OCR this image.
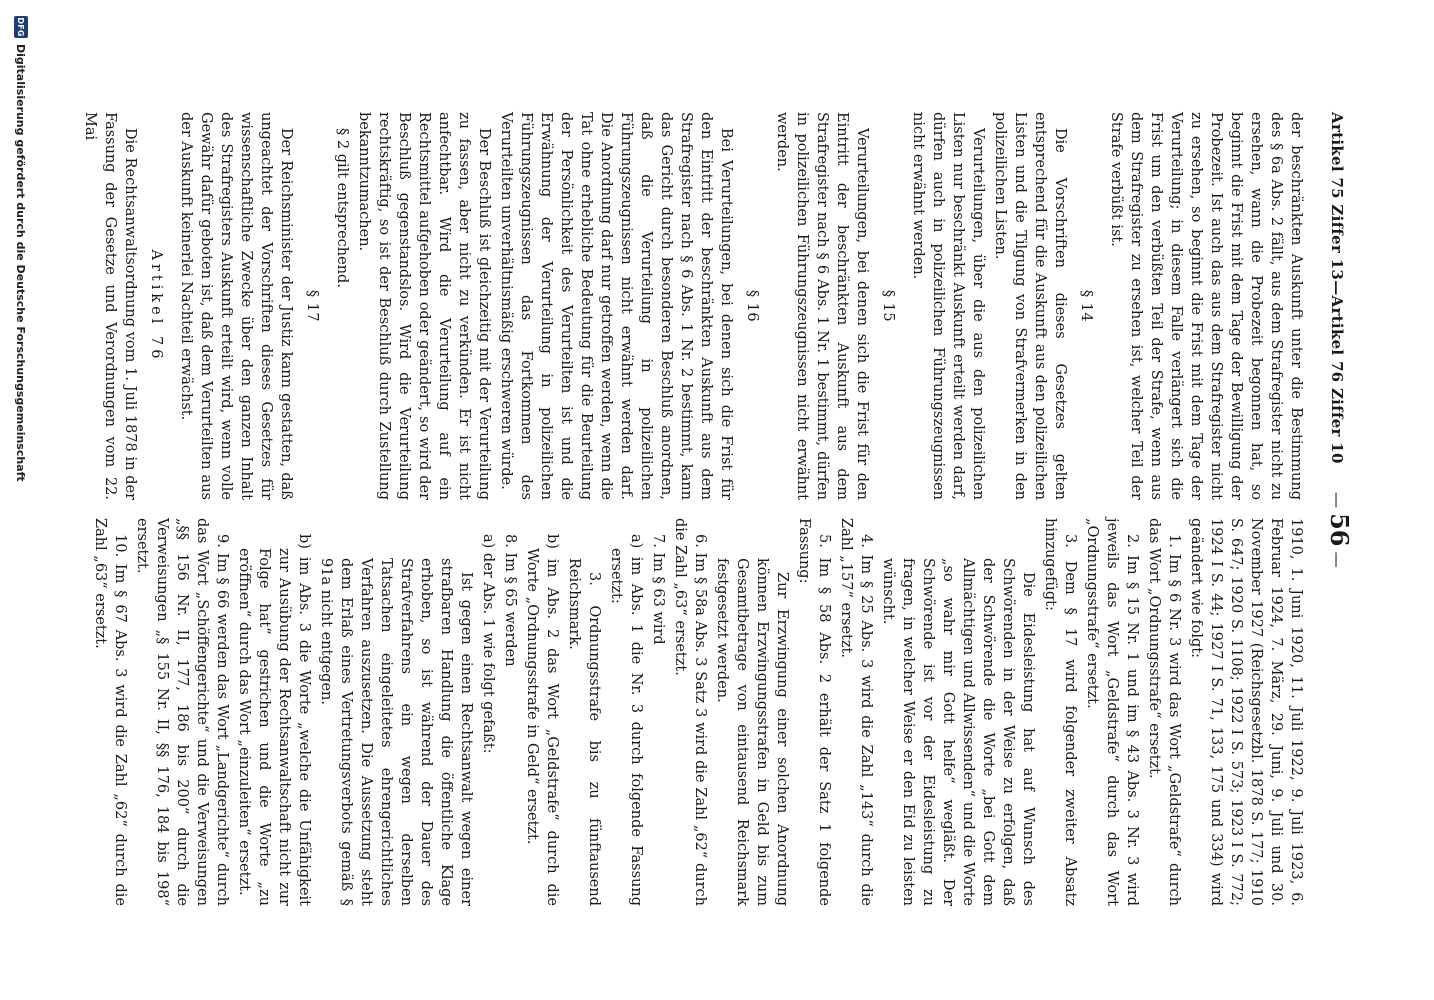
Artikel 75 Ziffer 13—Artikel 76 Ziffer 10
— 56 —

der beschränkten Auskunft unter die Bestimmung des § 6a Abs. 2 fällt, aus dem Strafregister nicht zu ersehen, wann die Probezeit begonnen hat, so beginnt die Frist mit dem Tage der Bewilligung der Probezeit. Ist auch das aus dem Strafregister nicht zu ersehen, so beginnt die Frist mit dem Tage der Verurteilung; in diesem Falle verlängert sich die Frist um den verbüßten Teil der Strafe, wenn aus dem Strafregister zu ersehen ist, welcher Teil der Strafe verbüßt ist.

§ 14

Die Vorschriften dieses Gesetzes gelten entsprechend für die Auskunft aus den polizeilichen Listen und die Tilgung von Strafvermerken in den polizeilichen Listen.

Verurteilungen, über die aus den polizeilichen Listen nur beschränkt Auskunft erteilt werden darf, dürfen auch in polizeilichen Führungszeugnissen nicht erwähnt werden.

§ 15

Verurteilungen, bei denen sich die Frist für den Eintritt der beschränkten Auskunft aus dem Strafregister nach § 6 Abs. 1 Nr. 1 bestimmt, dürfen in polizeilichen Führungszeugnissen nicht erwähnt werden.

§ 16

Bei Verurteilungen, bei denen sich die Frist für den Eintritt der beschränkten Auskunft aus dem Strafregister nach § 6 Abs. 1 Nr. 2 bestimmt, kann das Gericht durch besonderen Beschluß anordnen, daß die Verurteilung in polizeilichen Führungszeugnissen nicht erwähnt werden darf. Die Anordnung darf nur getroffen werden, wenn die Tat ohne erhebliche Bedeutung für die Beurteilung der Persönlichkeit des Verurteilten ist und die Erwähnung der Verurteilung in polizeilichen Führungszeugnissen das Fortkommen des Verurteilten unverhältnismäßig erschweren würde.

Der Beschluß ist gleichzeitig mit der Verurteilung zu fassen, aber nicht zu verkünden. Er ist nicht anfechtbar. Wird die Verurteilung auf ein Rechtsmittel aufgehoben oder geändert, so wird der Beschluß gegenstandslos. Wird die Verurteilung rechtskräftig, so ist der Beschluß durch Zustellung bekanntzumachen.

§ 2 gilt entsprechend.

§ 17

Der Reichsminister der Justiz kann gestatten, daß ungeachtet der Vorschriften dieses Gesetzes für wissenschaftliche Zwecke über den ganzen Inhalt des Strafregisters Auskunft erteilt wird, wenn volle Gewähr dafür geboten ist, daß dem Verurteilten aus der Auskunft keinerlei Nachteil erwächst.

Artikel 76

Die Rechtsanwaltsordnung vom 1. Juli 1878 in der Fassung der Gesetze und Verordnungen vom 22. Mai

1910, 1. Juni 1920, 11. Juli 1922, 9. Juli 1923, 6. Februar 1924, 7. März, 29. Juni, 9. Juli und 30. November 1927 (Reichsgesetzbl. 1878 S. 177; 1910 S. 647; 1920 S. 1108; 1922 I S. 573; 1923 I S. 772; 1924 I S. 44; 1927 I S. 71, 133, 175 und 334) wird geändert wie folgt:

1. Im § 6 Nr. 3 wird das Wort „Geldstrafe“ durch das Wort „Ordnungsstrafe“ ersetzt.

2. Im § 15 Nr. 1 und im § 43 Abs. 3 Nr. 3 wird jeweils das Wort „Geldstrafe“ durch das Wort „Ordnungsstrafe“ ersetzt.

3. Dem § 17 wird folgender zweiter Absatz hinzugefügt:

Die Eidesleistung hat auf Wunsch des Schwörenden in der Weise zu erfolgen, daß der Schwörende die Worte „bei Gott dem Allmächtigen und Allwissenden“ und die Worte „so wahr mir Gott helfe“ wegläßt. Der Schwörende ist vor der Eidesleistung zu fragen, in welcher Weise er den Eid zu leisten wünscht.

4. Im § 25 Abs. 3 wird die Zahl „143“ durch die Zahl „157“ ersetzt.

5. Im § 58 Abs. 2 erhält der Satz 1 folgende Fassung:

Zur Erzwingung einer solchen Anordnung können Erzwingungsstrafen in Geld bis zum Gesamtbetrage von eintausend Reichsmark festgesetzt werden.

6. Im § 58a Abs. 3 Satz 3 wird die Zahl „62“ durch die Zahl „63“ ersetzt.

7. Im § 63 wird

a) im Abs. 1 die Nr. 3 durch folgende Fassung ersetzt:

3. Ordnungsstrafe bis zu fünftausend Reichsmark.

b) im Abs. 2 das Wort „Geldstrafe“ durch die Worte „Ordnungsstrafe in Geld“ ersetzt.

8. Im § 65 werden

a) der Abs. 1 wie folgt gefaßt:

Ist gegen einen Rechtsanwalt wegen einer strafbaren Handlung die öffentliche Klage erhoben, so ist während der Dauer des Strafverfahrens ein wegen derselben Tatsachen eingeleitetes ehrengerichtliches Verfahren auszusetzen. Die Aussetzung steht dem Erlaß eines Vertretungsverbots gemäß § 91a nicht entgegen.

b) im Abs. 3 die Worte „welche die Unfähigkeit zur Ausübung der Rechtsanwaltschaft nicht zur Folge hat“ gestrichen und die Worte „zu eröffnen“ durch das Wort „einzuleiten“ ersetzt.

9. Im § 66 werden das Wort „Landgerichte“ durch das Wort „Schöffengerichte“ und die Verweisungen „§§ 156 Nr. II, 177, 186 bis 200“ durch die Verweisungen „§ 155 Nr. II, §§ 176, 184 bis 198“ ersetzt.

10. Im § 67 Abs. 3 wird die Zahl „62“ durch die Zahl „63“ ersetzt.

DFG
Digitalisierung gefördert durch die Deutsche Forschungsgemeinschaft
